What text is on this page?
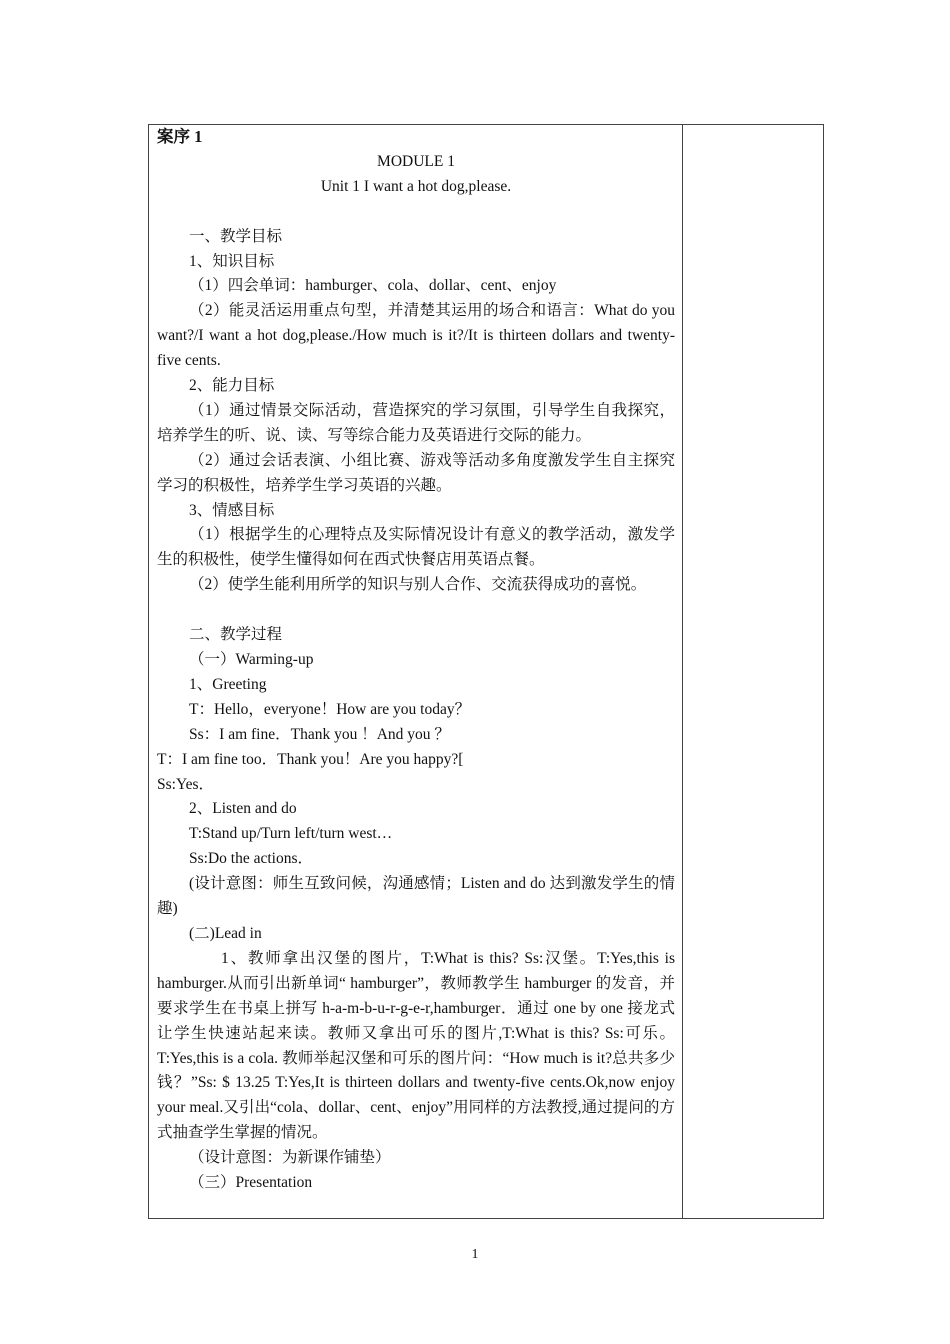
案序 1

MODULE 1

Unit 1 I want a hot dog,please.

一、教学目标

1、知识目标

（1）四会单词：hamburger、cola、dollar、cent、enjoy

（2）能灵活运用重点句型，并清楚其运用的场合和语言：What do you want?/I want a hot dog,please./How much is it?/It is thirteen dollars and twenty-five cents.

2、能力目标

（1）通过情景交际活动，营造探究的学习氛围，引导学生自我探究，培养学生的听、说、读、写等综合能力及英语进行交际的能力。

（2）通过会话表演、小组比赛、游戏等活动多角度激发学生自主探究学习的积极性，培养学生学习英语的兴趣。

3、情感目标

（1）根据学生的心理特点及实际情况设计有意义的教学活动，激发学生的积极性，使学生懂得如何在西式快餐店用英语点餐。

（2）使学生能利用所学的知识与别人合作、交流获得成功的喜悦。

二、教学过程

（一）Warming-up

1、Greeting

T：Hello，everyone！How are you today？

Ss：I am fine．Thank you ！And you ？

T：I am fine too．Thank you！Are you happy?[

Ss:Yes．

2、Listen and do

T:Stand up/Turn left/turn west…

Ss:Do the actions．

(设计意图：师生互致问候，沟通感情；Listen and do 达到激发学生的情趣)

(二)Lead in

1、教师拿出汉堡的图片，T:What is this? Ss:汉堡。T:Yes,this is hamburger.从而引出新单词“ hamburger”，教师教学生 hamburger 的发音，并要求学生在书桌上拼写 h-a-m-b-u-r-g-e-r,hamburger．通过 one by one 接龙式让学生快速站起来读。教师又拿出可乐的图片,T:What is this? Ss:可乐。T:Yes,this is a cola. 教师举起汉堡和可乐的图片问：“How much is it?总共多少钱？”Ss: $ 13.25 T:Yes,It is thirteen dollars and twenty-five cents.Ok,now enjoy your meal.又引出“cola、dollar、cent、enjoy”用同样的方法教授,通过提问的方式抽查学生掌握的情况。

（设计意图：为新课作铺垫）

（三）Presentation

1
